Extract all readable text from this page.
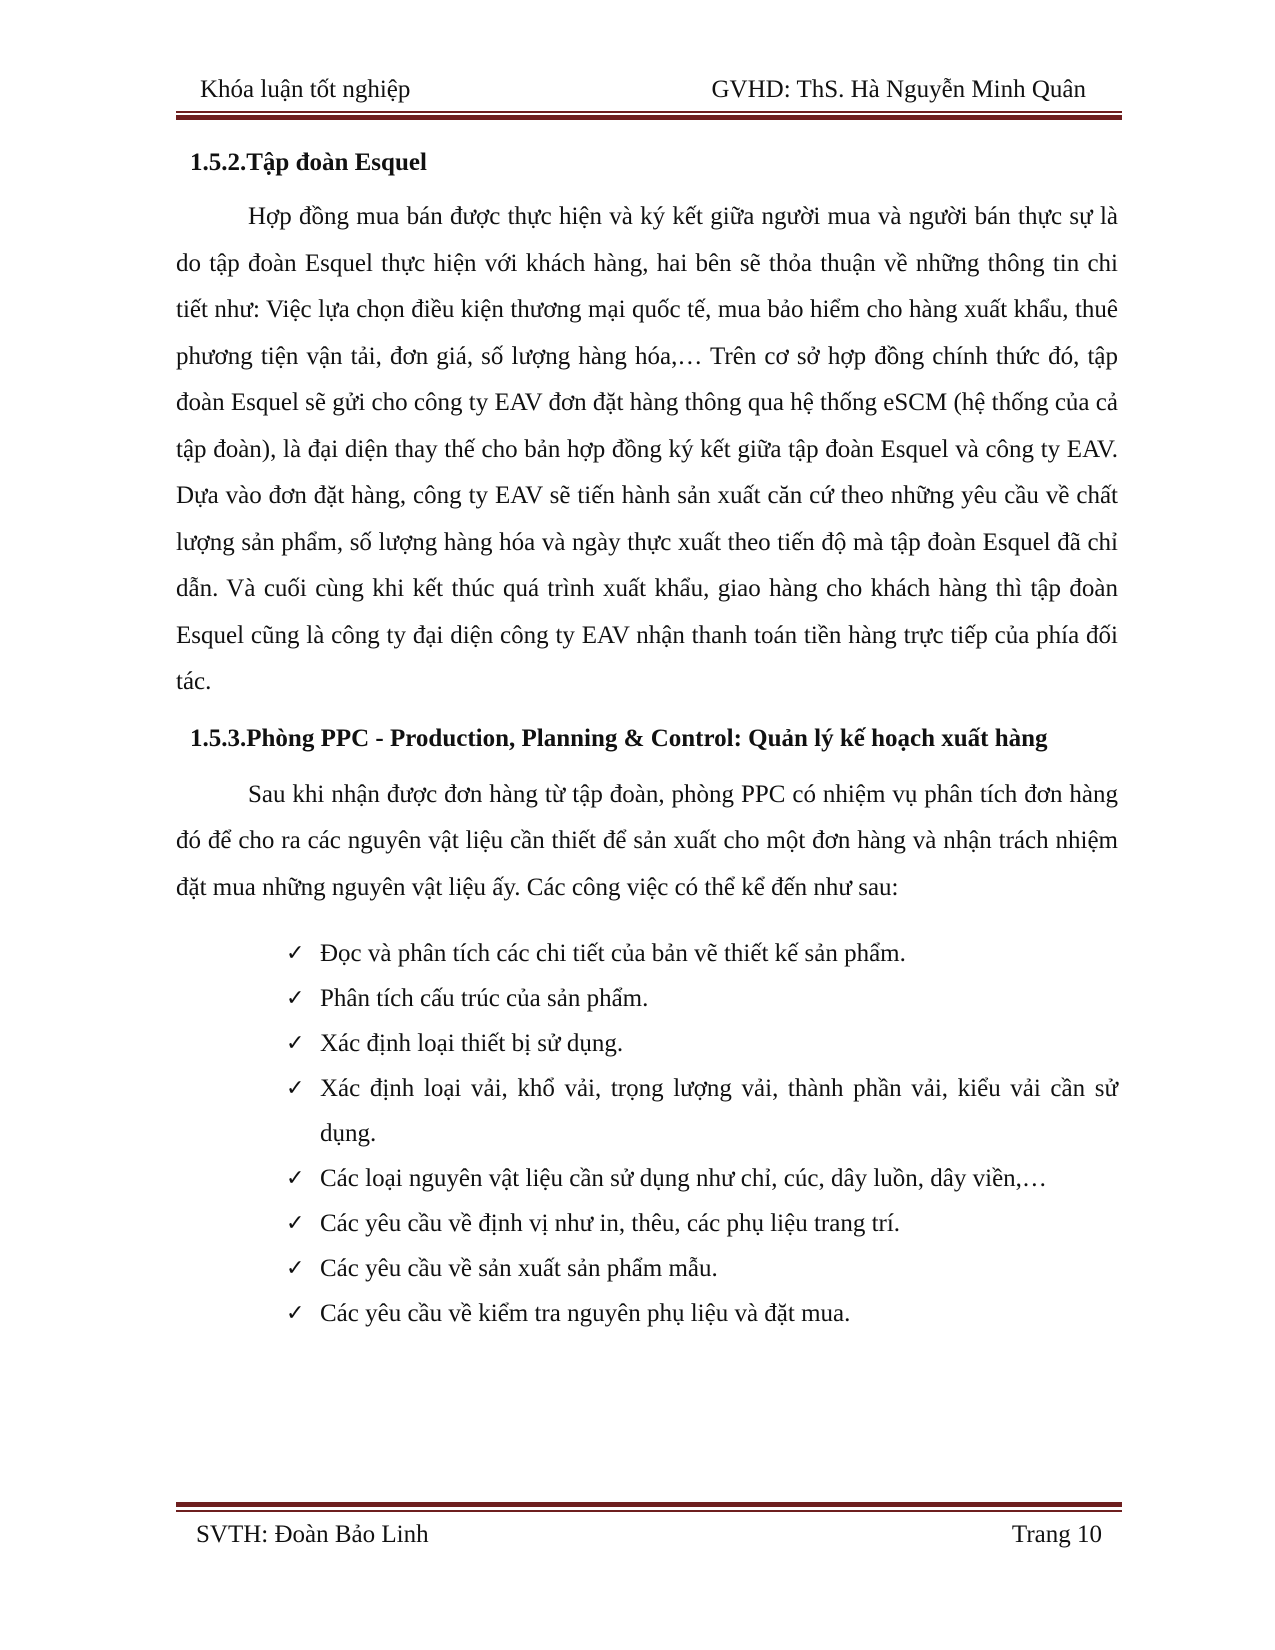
Khóa luận tốt nghiệp	GVHD: ThS. Hà Nguyễn Minh Quân
1.5.2.Tập đoàn Esquel

Hợp đồng mua bán được thực hiện và ký kết giữa người mua và người bán thực sự là do tập đoàn Esquel thực hiện với khách hàng, hai bên sẽ thỏa thuận về những thông tin chi tiết như: Việc lựa chọn điều kiện thương mại quốc tế, mua bảo hiểm cho hàng xuất khẩu, thuê phương tiện vận tải, đơn giá, số lượng hàng hóa,… Trên cơ sở hợp đồng chính thức đó, tập đoàn Esquel sẽ gửi cho công ty EAV đơn đặt hàng thông qua hệ thống eSCM (hệ thống của cả tập đoàn), là đại diện thay thế cho bản hợp đồng ký kết giữa tập đoàn Esquel và công ty EAV. Dựa vào đơn đặt hàng, công ty EAV sẽ tiến hành sản xuất căn cứ theo những yêu cầu về chất lượng sản phẩm, số lượng hàng hóa và ngày thực xuất theo tiến độ mà tập đoàn Esquel đã chỉ dẫn. Và cuối cùng khi kết thúc quá trình xuất khẩu, giao hàng cho khách hàng thì tập đoàn Esquel cũng là công ty đại diện công ty EAV nhận thanh toán tiền hàng trực tiếp của phía đối tác.

1.5.3.Phòng PPC - Production, Planning & Control: Quản lý kế hoạch xuất hàng

Sau khi nhận được đơn hàng từ tập đoàn, phòng PPC có nhiệm vụ phân tích đơn hàng đó để cho ra các nguyên vật liệu cần thiết để sản xuất cho một đơn hàng và nhận trách nhiệm đặt mua những nguyên vật liệu ấy. Các công việc có thể kể đến như sau:

✓ Đọc và phân tích các chi tiết của bản vẽ thiết kế sản phẩm.
✓ Phân tích cấu trúc của sản phẩm.
✓ Xác định loại thiết bị sử dụng.
✓ Xác định loại vải, khổ vải, trọng lượng vải, thành phần vải, kiểu vải cần sử dụng.
✓ Các loại nguyên vật liệu cần sử dụng như chỉ, cúc, dây luồn, dây viền,…
✓ Các yêu cầu về định vị như in, thêu, các phụ liệu trang trí.
✓ Các yêu cầu về sản xuất sản phẩm mẫu.
✓ Các yêu cầu về kiểm tra nguyên phụ liệu và đặt mua.
SVTH: Đoàn Bảo Linh	Trang 10
